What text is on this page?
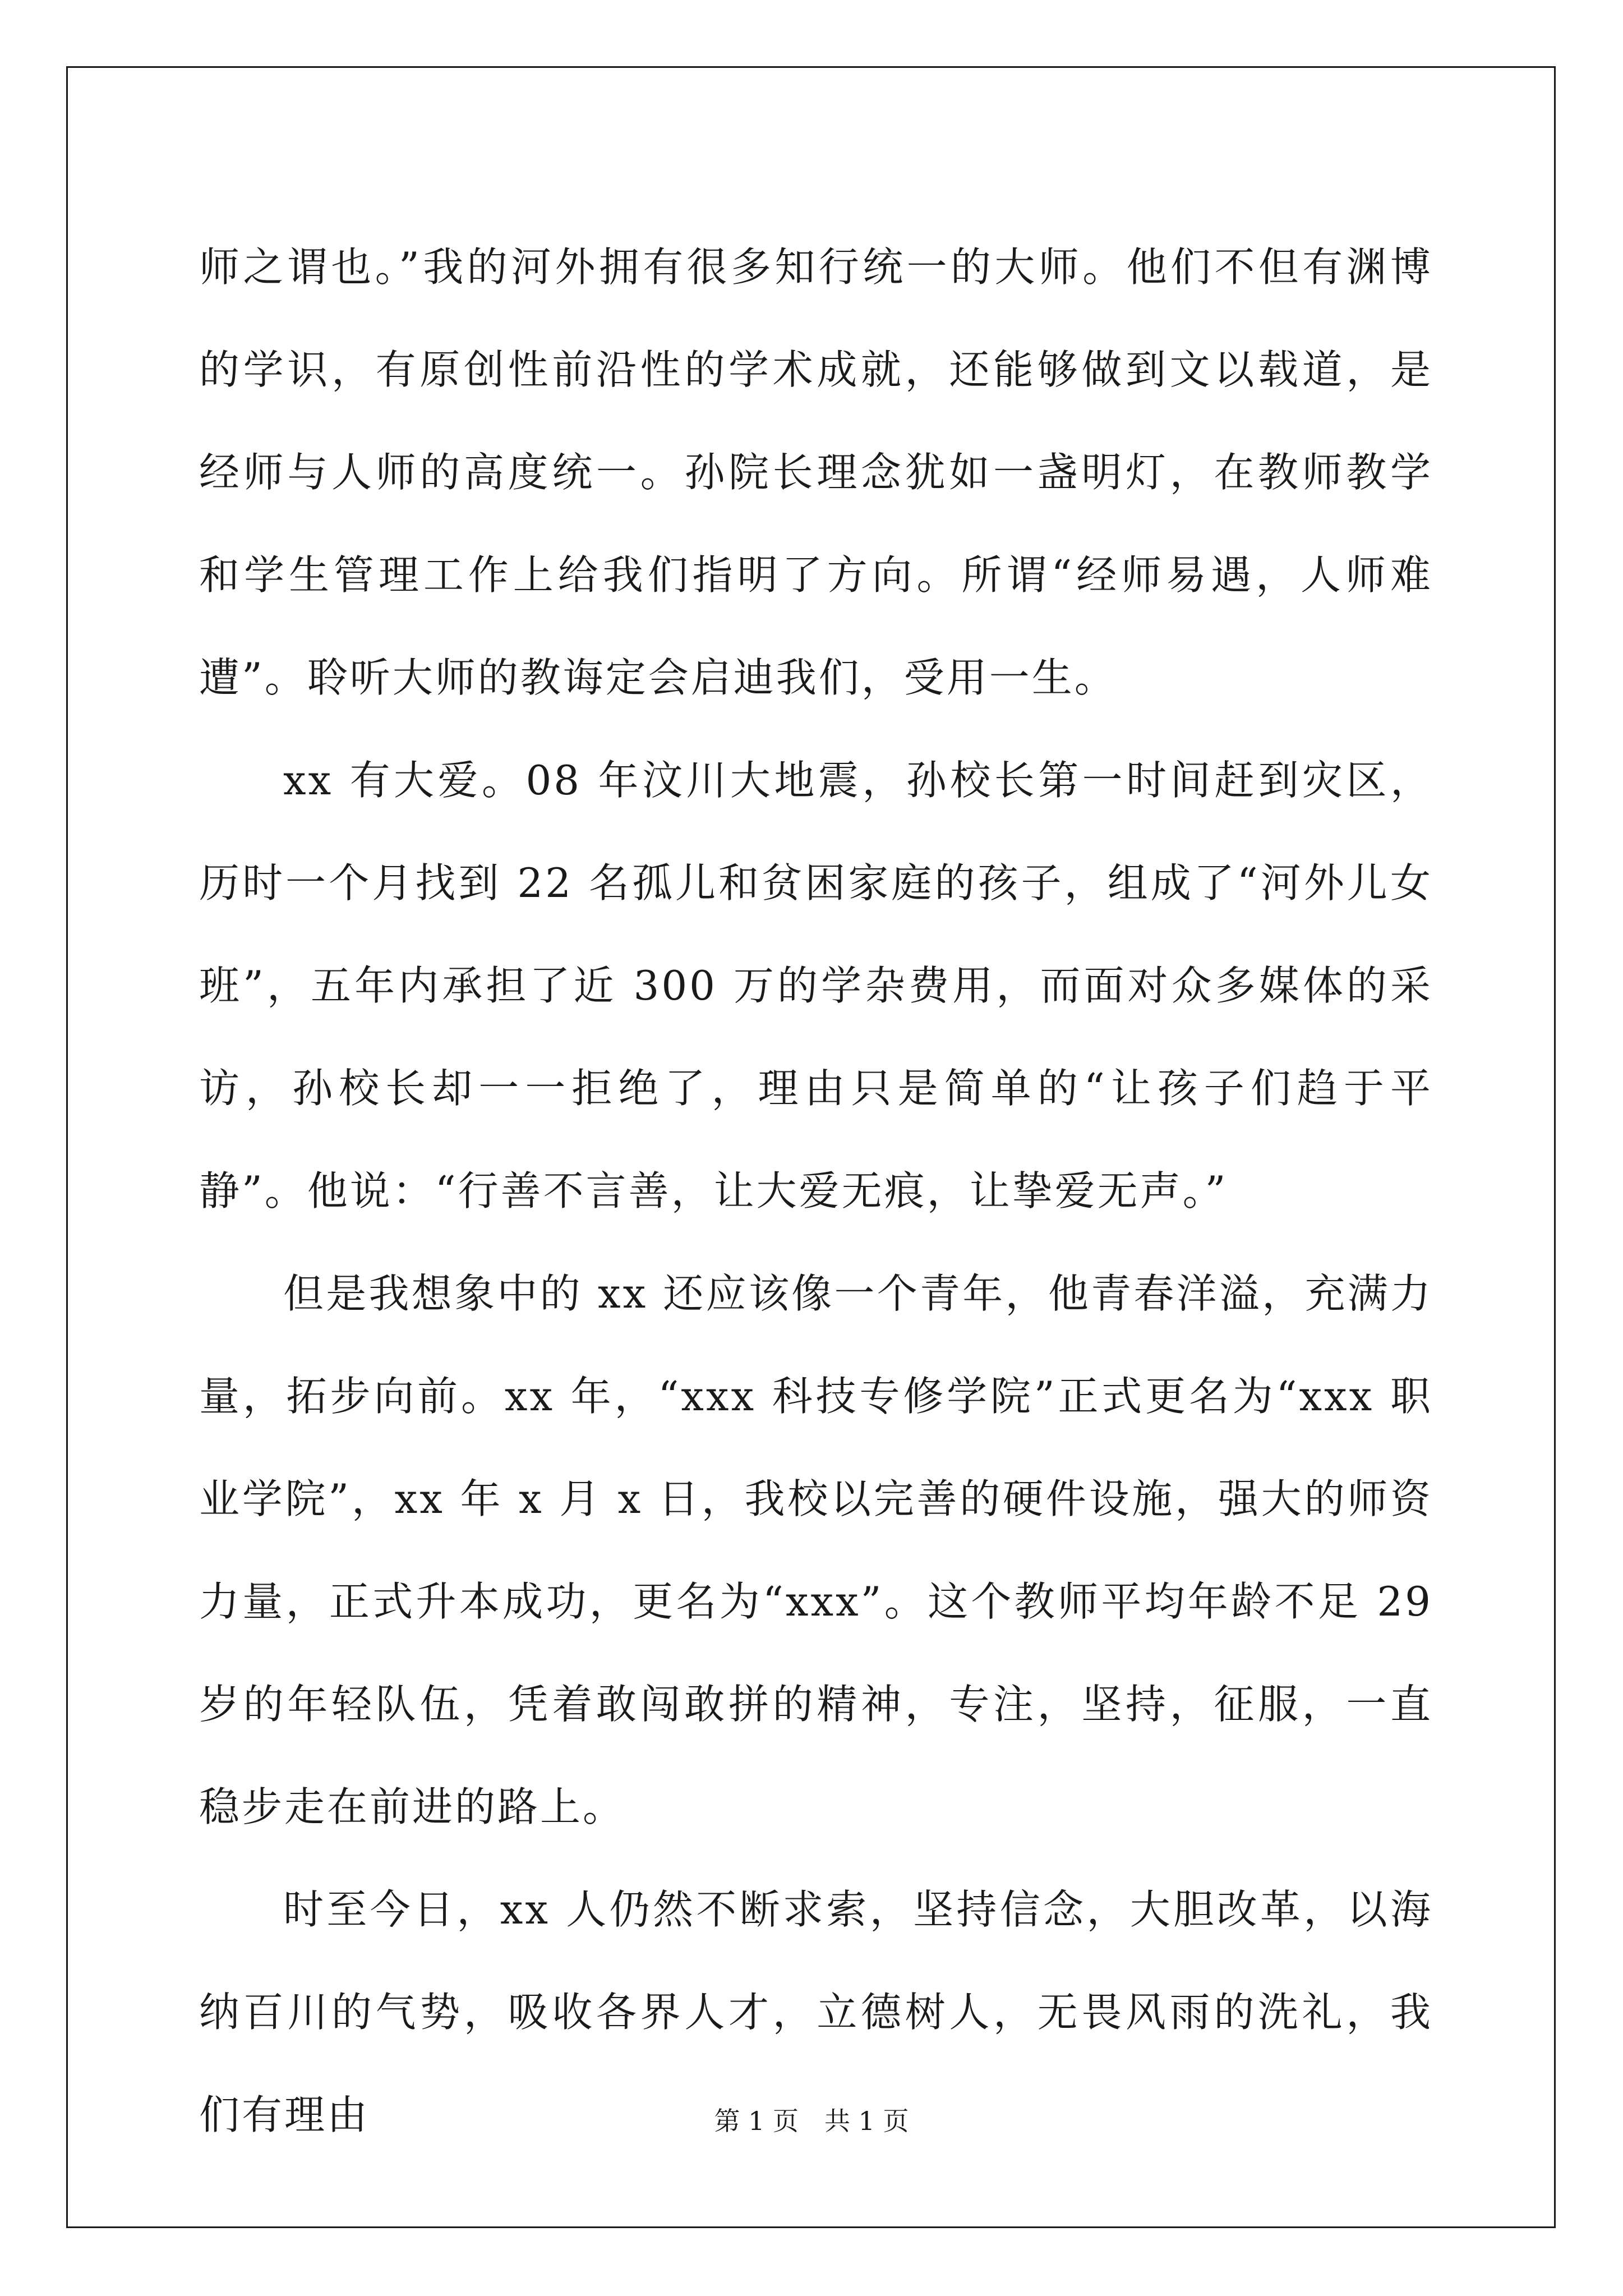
师之谓也。”我的河外拥有很多知行统一的大师。他们不但有渊博的学识，有原创性前沿性的学术成就，还能够做到文以载道，是经师与人师的高度统一。孙院长理念犹如一盏明灯，在教师教学和学生管理工作上给我们指明了方向。所谓“经师易遇，人师难遭”。聆听大师的教诲定会启迪我们，受用一生。

xx 有大爱。08 年汶川大地震，孙校长第一时间赶到灾区，历时一个月找到 22 名孤儿和贫困家庭的孩子，组成了“河外儿女班”，五年内承担了近 300 万的学杂费用，而面对众多媒体的采访，孙校长却一一拒绝了，理由只是简单的“让孩子们趋于平静”。他说：“行善不言善，让大爱无痕，让挚爱无声。”

但是我想象中的 xx 还应该像一个青年，他青春洋溢，充满力量，拓步向前。xx 年，“xxx 科技专修学院”正式更名为“xxx 职业学院”，xx 年 x 月 x 日，我校以完善的硬件设施，强大的师资力量，正式升本成功，更名为“xxx”。这个教师平均年龄不足 29 岁的年轻队伍，凭着敢闯敢拼的精神，专注，坚持，征服，一直稳步走在前进的路上。

时至今日，xx 人仍然不断求索，坚持信念，大胆改革，以海纳百川的气势，吸收各界人才，立德树人，无畏风雨的洗礼，我们有理由	第 1 页　共 1 页
